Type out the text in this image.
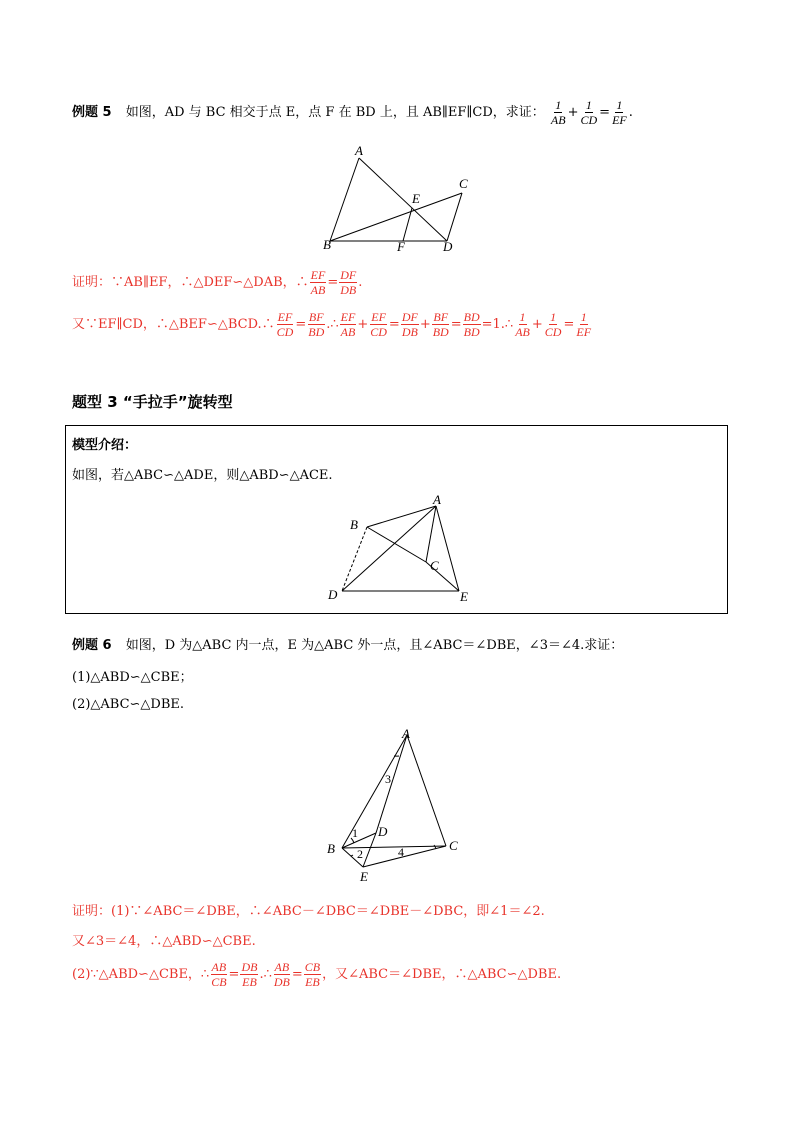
例题 5 如图，AD 与 BC 相交于点 E，点 F 在 BD 上，且 AB∥EF∥CD，求证： $\frac{1}{AB} + \frac{1}{CD} = \frac{1}{EF}$ .
A
B
C
D
E
F
证明：∵AB∥EF，∴△DEF∽△DAB，∴ $\frac{EF}{AB} = \frac{DF}{DB}$ .
又∵EF∥CD，∴△BEF∽△BCD.∴ $\frac{EF}{CD} = \frac{BF}{BD}$ .∴ $\frac{EF}{AB} + \frac{EF}{CD} = \frac{DF}{DB} + \frac{BF}{BD} = \frac{BD}{BD}$ =1.∴ $\frac{1}{AB} + \frac{1}{CD} = \frac{1}{EF}$
题型 3 “手拉手”旋转型
模型介绍：
如图，若△ABC∽△ADE，则△ABD∽△ACE.
A
B
C
D	E
例题 6 如图，D 为△ABC 内一点，E 为△ABC 外一点，且∠ABC＝∠DBE，∠3＝∠4.求证：
(1)△ABD∽△CBE；
(2)△ABC∽△DBE.
A
B	C
D
E
1
2
3
4
证明：(1)∵∠ABC＝∠DBE，∴∠ABC－∠DBC＝∠DBE－∠DBC，即∠1＝∠2.
又∠3＝∠4，∴△ABD∽△CBE.
(2)∵△ABD∽△CBE，∴ $\frac{AB}{CB} = \frac{DB}{EB}$ .∴ $\frac{AB}{DB} = \frac{CB}{EB}$ ，又∠ABC＝∠DBE，∴△ABC∽△DBE.
